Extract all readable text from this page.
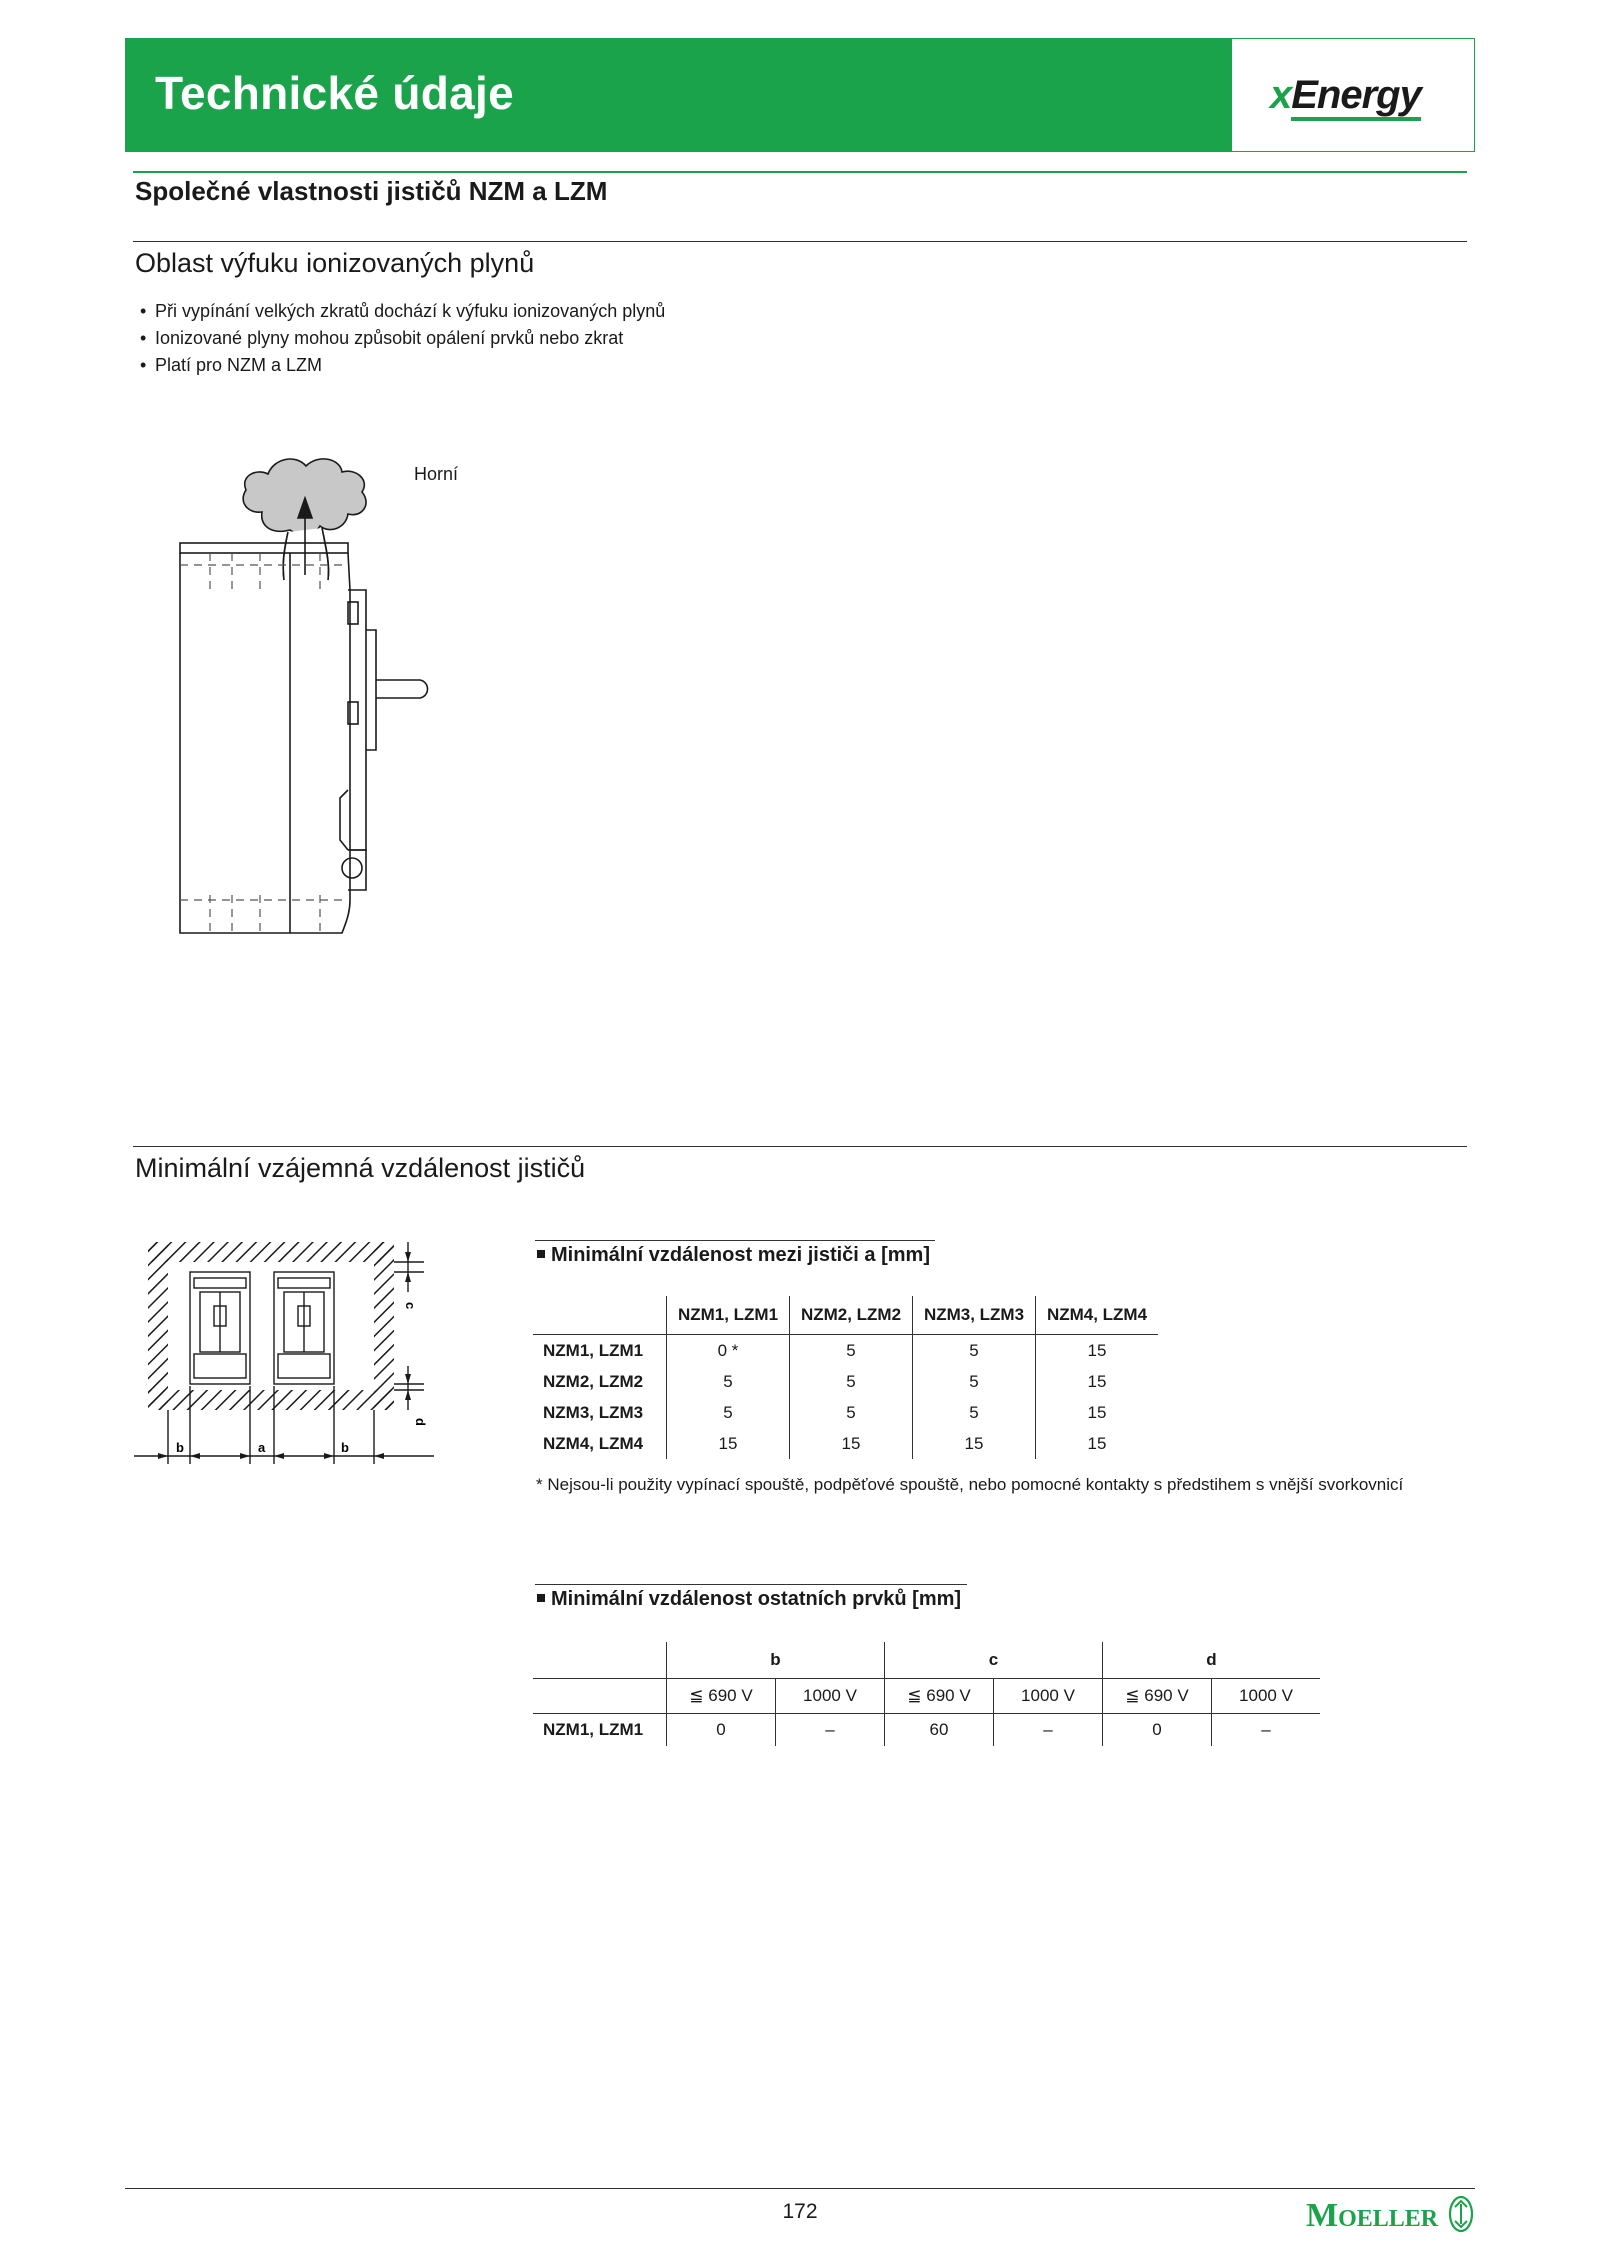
Technické údaje	xEnergy
Společné vlastnosti jističů NZM a LZM
Oblast výfuku ionizovaných plynů
• Při vypínání velkých zkratů dochází k výfuku ionizovaných plynů
• Ionizované plyny mohou způsobit opálení prvků nebo zkrat
• Platí pro NZM a LZM
Horní
Minimální vzájemná vzdálenost jističů
b	a	b
c
d
Minimální vzdálenost mezi jističi a [mm]
	NZM1, LZM1	NZM2, LZM2	NZM3, LZM3	NZM4, LZM4
NZM1, LZM1	0 *	5	5	15
NZM2, LZM2	5	5	5	15
NZM3, LZM3	5	5	5	15
NZM4, LZM4	15	15	15	15
* Nejsou-li použity vypínací spouště, podpěťové spouště, nebo pomocné kontakty s předstihem s vnější svorkovnicí
Minimální vzdálenost ostatních prvků [mm]
	b		c		d	
	≦ 690 V	1000 V	≦ 690 V	1000 V	≦ 690 V	1000 V
NZM1, LZM1	0	–	60	–	0	–
172	MOELLER
